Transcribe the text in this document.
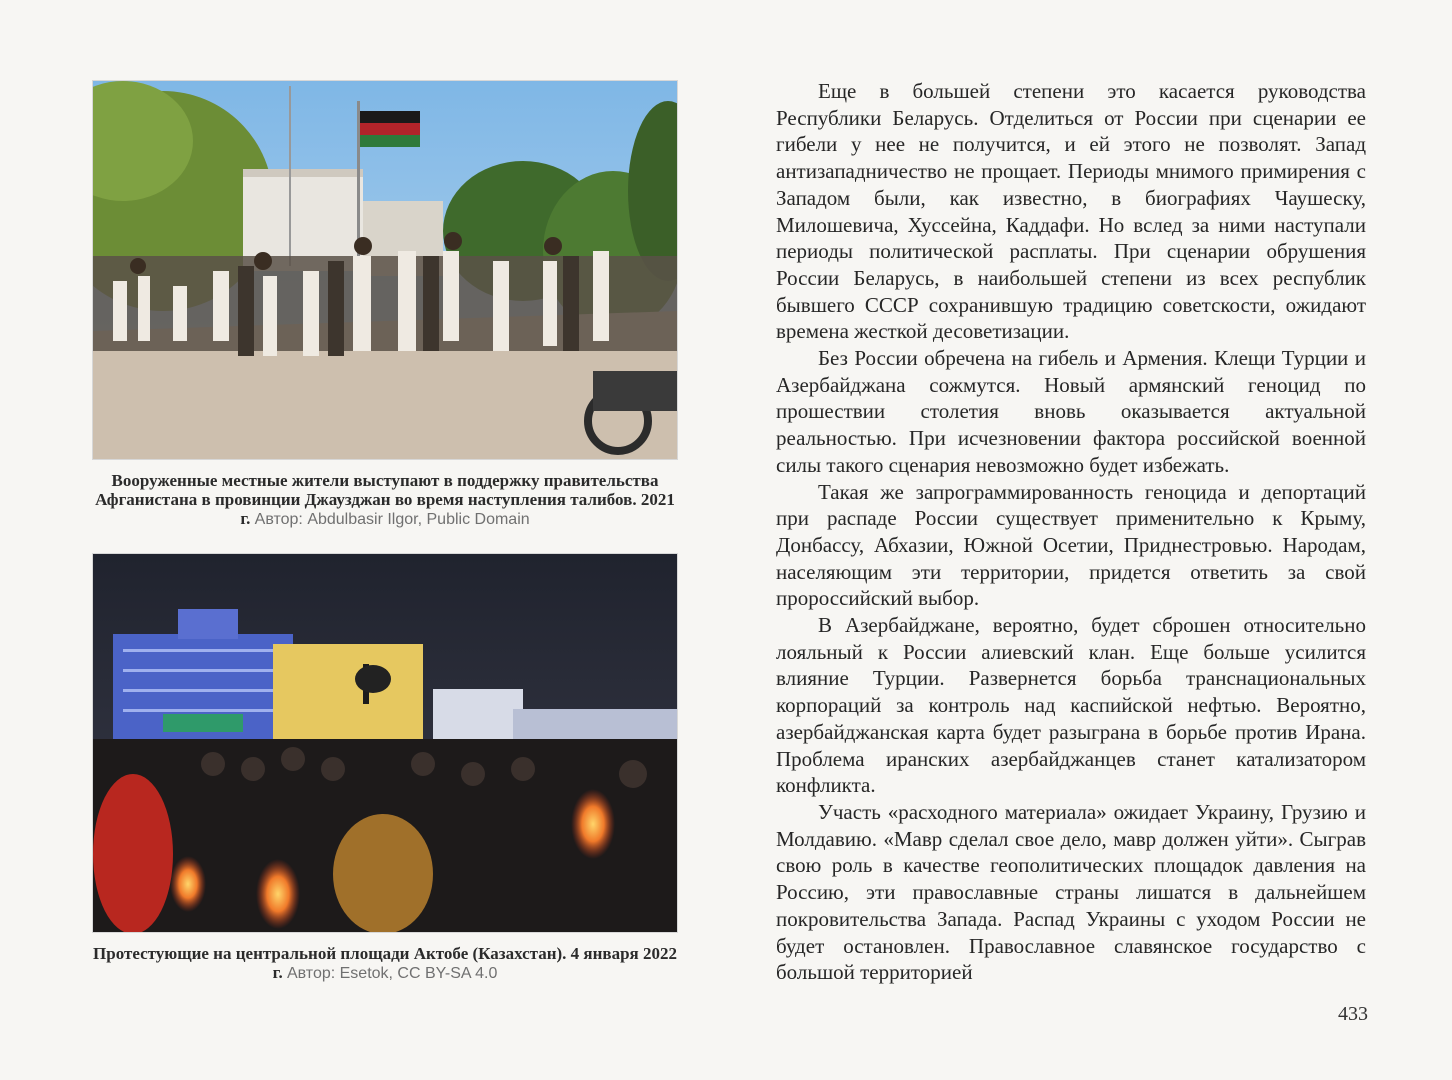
Вооруженные местные жители выступают в поддержку правительства Афганистана в провинции Джаузджан во время наступления талибов. 2021 г. Автор: Abdulbasir Ilgor, Public Domain
Протестующие на центральной площади Актобе (Казахстан). 4 января 2022 г. Автор: Esetok, CC BY-SA 4.0

Еще в большей степени это касается руководства Республики Беларусь. Отделиться от России при сценарии ее гибели у нее не получится, и ей этого не позволят. Запад антизападничество не прощает. Периоды мнимого примирения с Западом были, как известно, в биографиях Чаушеску, Милошевича, Хуссейна, Каддафи. Но вслед за ними наступали периоды политической расплаты. При сценарии обрушения России Беларусь, в наибольшей степени из всех республик бывшего СССР сохранившую традицию советскости, ожидают времена жесткой десоветизации.

Без России обречена на гибель и Армения. Клещи Турции и Азербайджана сожмутся. Новый армянский геноцид по прошествии столетия вновь оказывается актуальной реальностью. При исчезновении фактора российской военной силы такого сценария невозможно будет избежать.

Такая же запрограммированность геноцида и депортаций при распаде России существует применительно к Крыму, Донбассу, Абхазии, Южной Осетии, Приднестровью. Народам, населяющим эти территории, придется ответить за свой пророссийский выбор.

В Азербайджане, вероятно, будет сброшен относительно лояльный к России алиевский клан. Еще больше усилится влияние Турции. Развернется борьба транснациональных корпораций за контроль над каспийской нефтью. Вероятно, азербайджанская карта будет разыграна в борьбе против Ирана. Проблема иранских азербайджанцев станет катализатором конфликта.

Участь «расходного материала» ожидает Украину, Грузию и Молдавию. «Мавр сделал свое дело, мавр должен уйти». Сыграв свою роль в качестве геополитических площадок давления на Россию, эти православные страны лишатся в дальнейшем покровительства Запада. Распад Украины с уходом России не будет остановлен. Православное славянское государство с большой территорией

433
